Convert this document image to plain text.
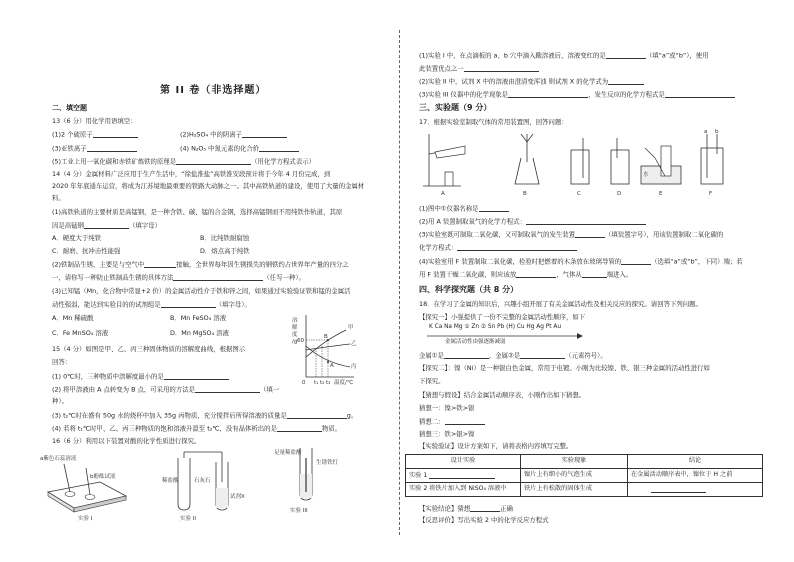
第 II 卷（非选择题）
二、填空题
13（6 分）用化学用语填空：
(1)2 个硫原子	(2)H₂SO₄ 中的阴离子
(3)亚铁离子	(4) N₂O₅ 中氮元素的化合价
(5)工业上用一氧化碳和赤铁矿炼铁的原理是	（用化学方程式表示）
14（4 分）金属材料广泛应用于生产生活中，“徐盐淮盐”高铁淮安段预计将于今年 4 月份完成，到
2020 年年底通车运营，将成为江苏境地最重要的铁路大动脉之一。其中高铁轨道的建设，使用了大量的金属材
料。
(1)高铁轨道的主要材质是高锰钢，是一种含铁、碳、锰的合金钢，选择高锰钢而不用纯铁作轨道，其原
因是高锰钢	（填字母）
A．硬度大于纯铁	B．比纯铁耐腐蚀
C．耐磨、抗冲击性能强	D．熔点高于纯铁
(2)铁制品生锈，主要是与空气中	接触，全世界每年因生锈损失的钢铁约占世界年产量的四分之
一，请你写一种防止铁制品生锈的具体方法	（任写一种）。
(3)已知锰（Mn，化合物中常显+2 价）的金属活动性介于铁和锌之间，如果通过实验验证铁和锰的金属活
动性强弱，能达到实验目的的试剂组是	（填字母）。
A．Mn 稀硫酸	B．Mn FeSO₄ 溶液
C．Fe MnSO₄ 溶液	D．Mn MgSO₄ 溶液
15（4 分）如图是甲、乙、丙三种固体物质的溶解度曲线，根据图示
回答：
(1) 0℃时，三种物质中溶解度最小的是
(2) 将甲溶液由 A 点转变为 B 点，可采用的方法是	（填一
种）。
(3) t₂℃时在盛有 50g 水的烧杯中加入 35g 丙物质，充分搅拌后所得溶液的质量是	g。
(4) 若将 t₁℃时甲、乙、丙三种物质的饱和溶液升温至 t₂℃，没有晶体析出的是	物质。
16（6 分）利用以下装置对酸的化学性质进行探究。
溶
解
度
/g 60
B
A
甲
乙
丙
0 t₁ t₂ t₃ 温度/℃
a紫色石蕊溶液
b酚酞试液
实验 I
稀盐酸	石灰石
试剂X
实验 II
足量稀盐酸
生锈铁钉
实验 III
(1)实验 I 中，在点滴板的 a、b 穴中滴入酸溶液后，溶液变红的是	（填“a”或“b”），使用
此装置优点之一
(2)实验 II 中，试剂 X 中的溶液由澄清变浑浊 则试剂 X 的化学式为
(3)实验 III 仪器中的化学现象是	，发生反应的化学方程式是
三、实验题（9 分）
17．根据实验室制取气体的常用装置图，回答问题：
A	B	C	D
水
E
a b
F
(1)图中①仪器名称是
(2)用 A 装置制取氧气的化学方程式：
(3)实验室既可制取二氧化碳，又可制取氧气的发生装置	（填装置字号），用该装置制取二氧化碳的
化学方程式：
(4)实验室用 F 装置制取二氧化碳，检验时把燃着的木条放在玻璃导管的	（选填“a”或“b”，下同）端；若
用 F 装置干燥二氧化碳，则应该放	，气体从	端进入。
四、科学探究题（共 8 分）
18．在学习了金属的知识后，兴趣小组开展了有关金属活动性及相关反应的探究。请回答下列问题。
【探究一】小强提供了一份不完整的金属活动性顺序，如下
K Ca Na Mg ① Zn ② Sn Pb (H) Cu Hg Ag Pt Au
金属活动性由强逐渐减弱
金属①是	，金属②是	（元素符号）。
【探究二】：镍（Ni）是一种银白色金属，常用于电镀。小刚为比较镍、铁、银三种金属的活动性进行如
下探究。
【猜想与假设】结合金属活动顺序表，小刚作出如下猜想。
猜想一：镍>铁>银
猜想二：
猜想三：铁>银>镍
【实验验证】设计方案如下，请将表格内容填写完整。
设计实验	实验现象	结论
实验 1	镍片上有细小的气泡生成	在金属活动顺序表中，镍位于 H 之前
实验 2 将铁片加入到 NiSO₄ 溶液中	铁片上有松散的固体生成	
【实验结论】猜想	正确
【反思评价】写出实验 2 中的化学反应方程式
